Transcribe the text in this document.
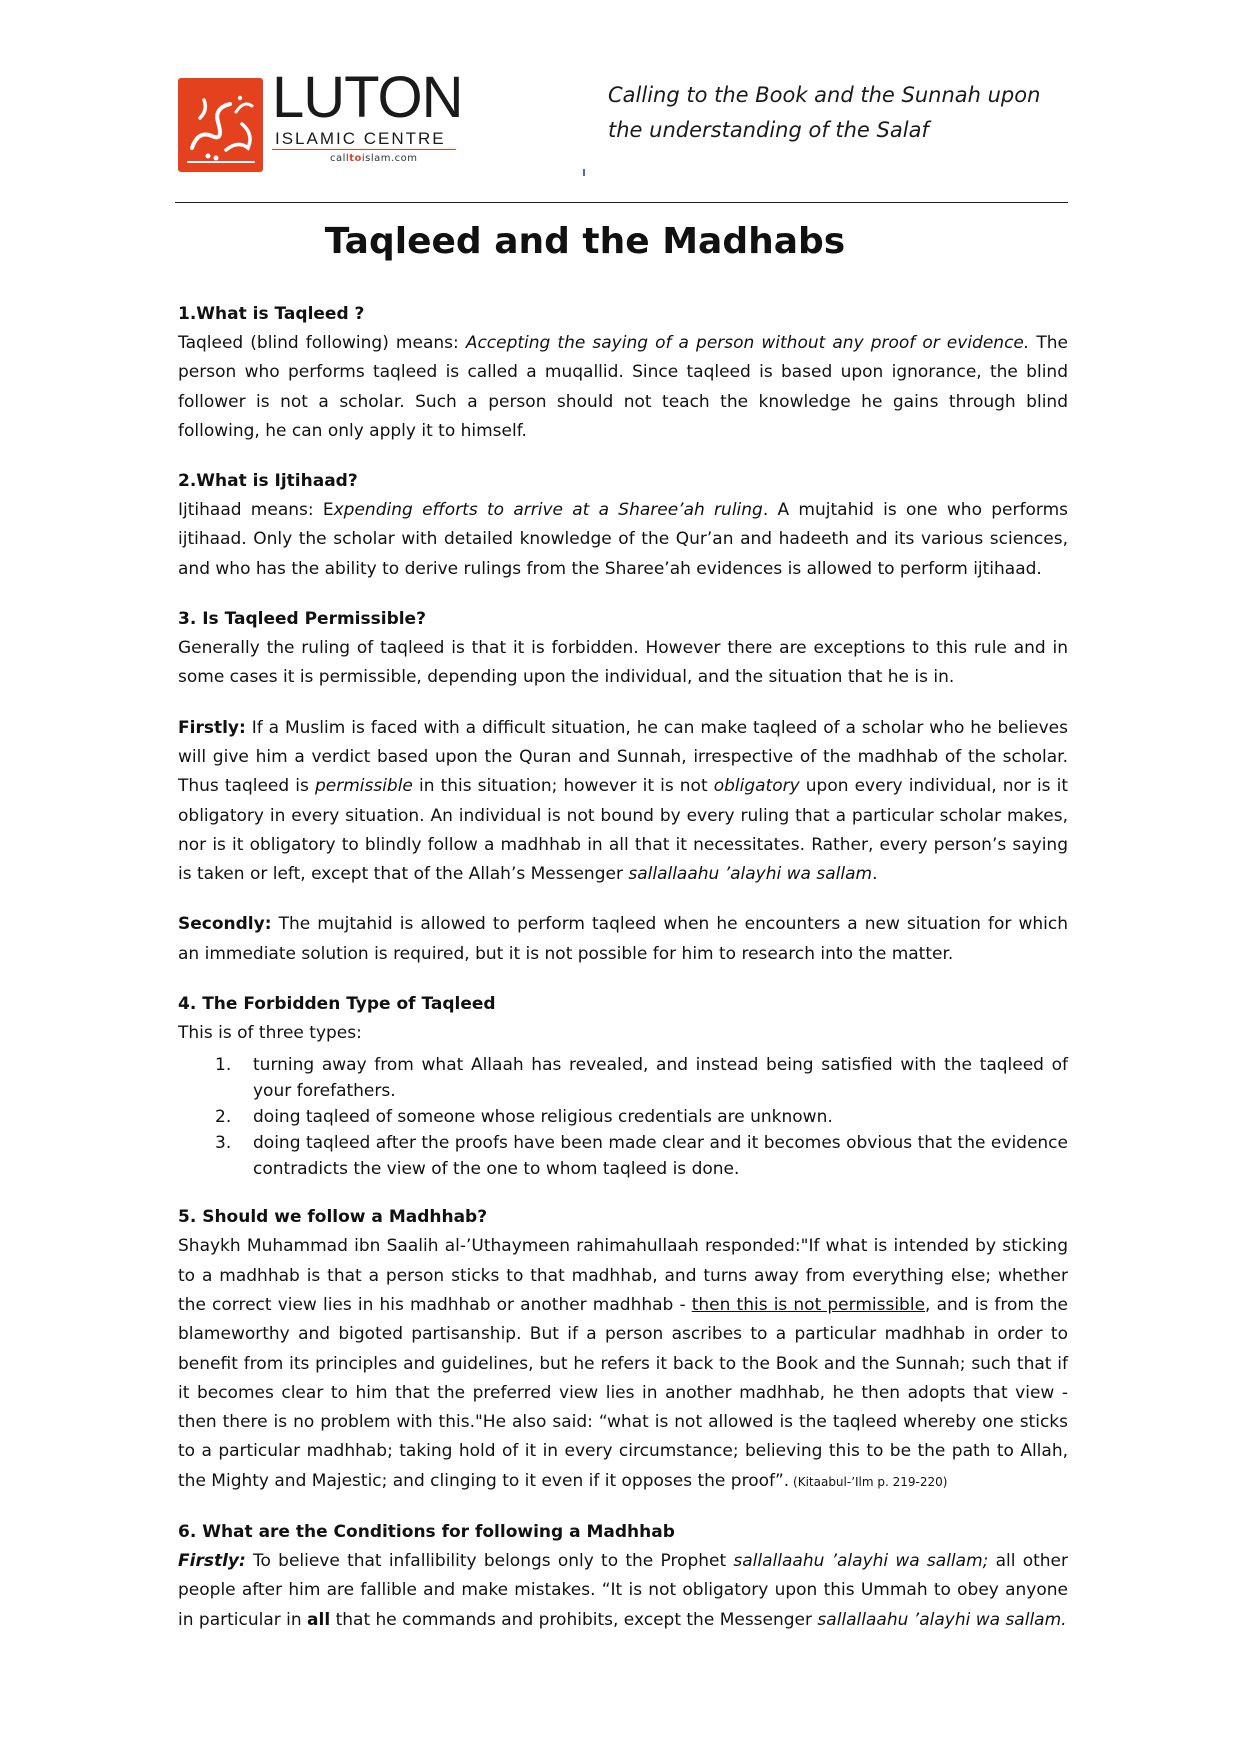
LUTON
ISLAMIC CENTRE
calltoislam.com
Calling to the Book and the Sunnah upon
the understanding of the Salaf
Taqleed and the Madhabs

1.What is Taqleed ?

Taqleed (blind following) means: Accepting the saying of a person without any proof or evidence. The person who performs taqleed is called a muqallid. Since taqleed is based upon ignorance, the blind follower is not a scholar. Such a person should not teach the knowledge he gains through blind following, he can only apply it to himself.

2.What is Ijtihaad?

Ijtihaad means: Expending efforts to arrive at a Sharee’ah ruling. A mujtahid is one who performs ijtihaad. Only the scholar with detailed knowledge of the Qur’an and hadeeth and its various sciences, and who has the ability to derive rulings from the Sharee’ah evidences is allowed to perform ijtihaad.

3. Is Taqleed Permissible?

Generally the ruling of taqleed is that it is forbidden. However there are exceptions to this rule and in some cases it is permissible, depending upon the individual, and the situation that he is in.

Firstly: If a Muslim is faced with a difficult situation, he can make taqleed of a scholar who he believes will give him a verdict based upon the Quran and Sunnah, irrespective of the madhhab of the scholar. Thus taqleed is permissible in this situation; however it is not obligatory upon every individual, nor is it obligatory in every situation. An individual is not bound by every ruling that a particular scholar makes, nor is it obligatory to blindly follow a madhhab in all that it necessitates. Rather, every person’s saying is taken or left, except that of the Allah’s Messenger sallallaahu ’alayhi wa sallam.

Secondly: The mujtahid is allowed to perform taqleed when he encounters a new situation for which an immediate solution is required, but it is not possible for him to research into the matter.

4. The Forbidden Type of Taqleed

This is of three types:

1. turning away from what Allaah has revealed, and instead being satisfied with the taqleed of your forefathers.
2. doing taqleed of someone whose religious credentials are unknown.
3. doing taqleed after the proofs have been made clear and it becomes obvious that the evidence contradicts the view of the one to whom taqleed is done.

5. Should we follow a Madhhab?

Shaykh Muhammad ibn Saalih al-’Uthaymeen rahimahullaah responded:"If what is intended by sticking to a madhhab is that a person sticks to that madhhab, and turns away from everything else; whether the correct view lies in his madhhab or another madhhab - then this is not permissible, and is from the blameworthy and bigoted partisanship. But if a person ascribes to a particular madhhab in order to benefit from its principles and guidelines, but he refers it back to the Book and the Sunnah; such that if it becomes clear to him that the preferred view lies in another madhhab, he then adopts that view - then there is no problem with this."He also said: “what is not allowed is the taqleed whereby one sticks to a particular madhhab; taking hold of it in every circumstance; believing this to be the path to Allah, the Mighty and Majestic; and clinging to it even if it opposes the proof”. (Kitaabul-’Ilm p. 219-220)

6. What are the Conditions for following a Madhhab

Firstly: To believe that infallibility belongs only to the Prophet sallallaahu ’alayhi wa sallam; all other people after him are fallible and make mistakes. “It is not obligatory upon this Ummah to obey anyone in particular in all that he commands and prohibits, except the Messenger sallallaahu ’alayhi wa sallam.
